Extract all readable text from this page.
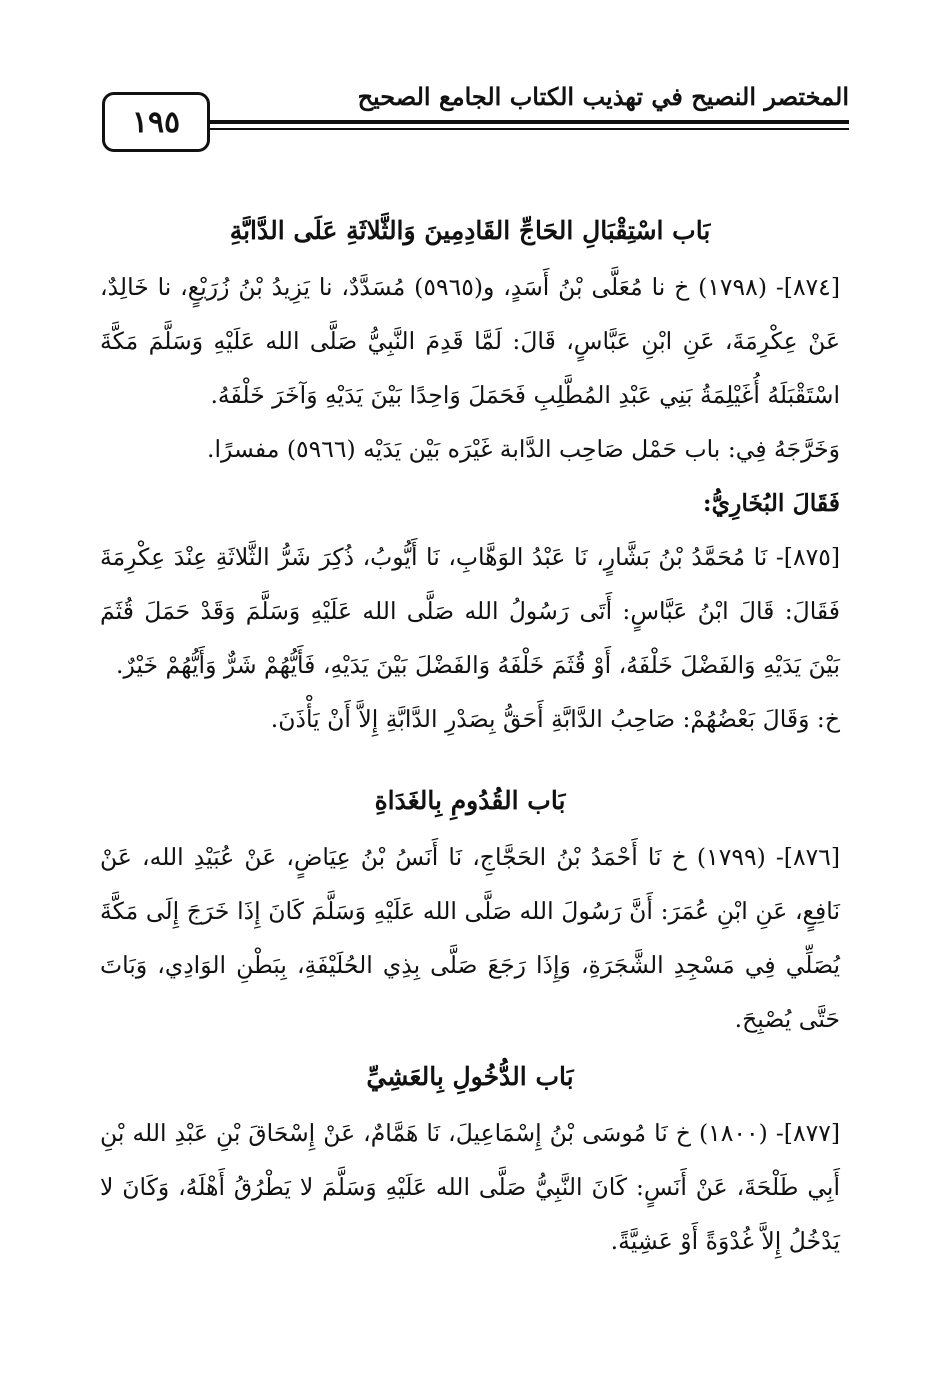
١٩٥
المختصر النصيح في تهذيب الكتاب الجامع الصحيح
بَاب اسْتِقْبَالِ الحَاجِّ القَادِمِينَ وَالثَّلاثَةِ عَلَى الدَّابَّةِ

[٨٧٤]- (١٧٩٨) خ نا مُعَلَّى بْنُ أَسَدٍ، و(٥٩٦٥) مُسَدَّدٌ، نا يَزِيدُ بْنُ زُرَيْعٍ، نا خَالِدٌ، عَنْ عِكْرِمَةَ، عَنِ ابْنِ عَبَّاسٍ، قَالَ: لَمَّا قَدِمَ النَّبِيُّ صَلَّى الله عَلَيْهِ وَسَلَّمَ مَكَّةَ اسْتَقْبَلَهُ أُغَيْلِمَةُ بَنِي عَبْدِ المُطَّلِبِ فَحَمَلَ وَاحِدًا بَيْنَ يَدَيْهِ وَآخَرَ خَلْفَهُ.

وَخَرَّجَهُ فِي: باب حَمْل صَاحِب الدَّابة غَيْرَه بَيْن يَدَيْه (٥٩٦٦) مفسرًا.

فَقَالَ البُخَارِيُّ:

[٨٧٥]- نَا مُحَمَّدُ بْنُ بَشَّارٍ، نَا عَبْدُ الوَهَّابِ، نَا أَيُّوبُ، ذُكِرَ شَرُّ الثَّلاثَةِ عِنْدَ عِكْرِمَةَ فَقَالَ: قَالَ ابْنُ عَبَّاسٍ: أَتَى رَسُولُ الله صَلَّى الله عَلَيْهِ وَسَلَّمَ وَقَدْ حَمَلَ قُثَمَ بَيْنَ يَدَيْهِ وَالفَضْلَ خَلْفَهُ، أَوْ قُثَمَ خَلْفَهُ وَالفَضْلَ بَيْنَ يَدَيْهِ، فَأَيُّهُمْ شَرٌّ وَأَيُّهُمْ خَيْرٌ.

خ: وَقَالَ بَعْضُهُمْ: صَاحِبُ الدَّابَّةِ أَحَقُّ بِصَدْرِ الدَّابَّةِ إِلاَّ أَنْ يَأْذَنَ.

بَاب القُدُومِ بِالغَدَاةِ

[٨٧٦]- (١٧٩٩) خ نَا أَحْمَدُ بْنُ الحَجَّاجِ، نَا أَنَسُ بْنُ عِيَاضٍ، عَنْ عُبَيْدِ الله، عَنْ نَافِعٍ، عَنِ ابْنِ عُمَرَ: أَنَّ رَسُولَ الله صَلَّى الله عَلَيْهِ وَسَلَّمَ كَانَ إِذَا خَرَجَ إِلَى مَكَّةَ يُصَلِّي فِي مَسْجِدِ الشَّجَرَةِ، وَإِذَا رَجَعَ صَلَّى بِذِي الحُلَيْفَةِ، بِبَطْنِ الوَادِي، وَبَاتَ حَتَّى يُصْبِحَ.

بَاب الدُّخُولِ بِالعَشِيِّ

[٨٧٧]- (١٨٠٠) خ نَا مُوسَى بْنُ إِسْمَاعِيلَ، نَا هَمَّامٌ، عَنْ إِسْحَاقَ بْنِ عَبْدِ الله بْنِ أَبِي طَلْحَةَ، عَنْ أَنَسٍ: كَانَ النَّبِيُّ صَلَّى الله عَلَيْهِ وَسَلَّمَ لا يَطْرُقُ أَهْلَهُ، وَكَانَ لا يَدْخُلُ إِلاَّ غُدْوَةً أَوْ عَشِيَّةً.
